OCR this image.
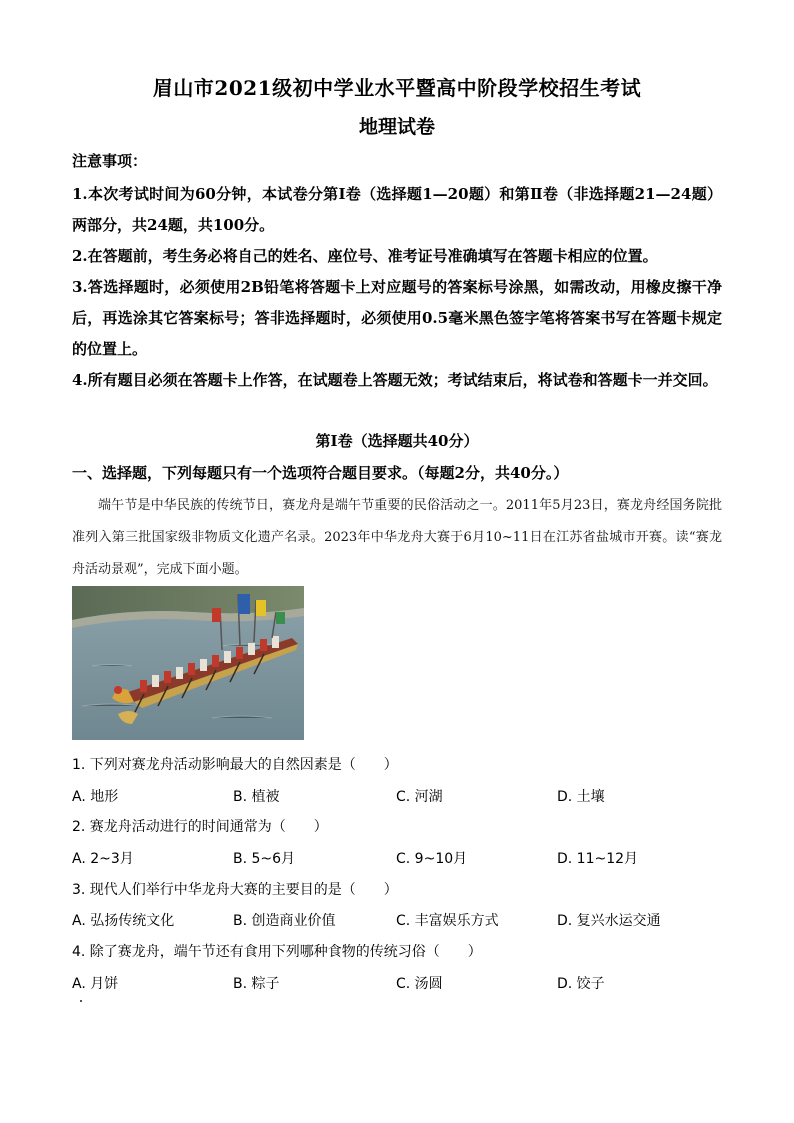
眉山市2021级初中学业水平暨高中阶段学校招生考试
地理试卷
注意事项：
1.本次考试时间为60分钟，本试卷分第Ⅰ卷（选择题1—20题）和第Ⅱ卷（非选择题21—24题）两部分，共24题，共100分。
2.在答题前，考生务必将自己的姓名、座位号、准考证号准确填写在答题卡相应的位置。
3.答选择题时，必须使用2B铅笔将答题卡上对应题号的答案标号涂黑，如需改动，用橡皮擦干净后，再选涂其它答案标号；答非选择题时，必须使用0.5毫米黑色签字笔将答案书写在答题卡规定的位置上。
4.所有题目必须在答题卡上作答，在试题卷上答题无效；考试结束后，将试卷和答题卡一并交回。
第Ⅰ卷（选择题共40分）
一、选择题，下列每题只有一个选项符合题目要求。（每题2分，共40分。）
端午节是中华民族的传统节日，赛龙舟是端午节重要的民俗活动之一。2011年5月23日，赛龙舟经国务院批准列入第三批国家级非物质文化遗产名录。2023年中华龙舟大赛于6月10~11日在江苏省盐城市开赛。读“赛龙舟活动景观”，完成下面小题。
1. 下列对赛龙舟活动影响最大的自然因素是（　　）
A. 地形	B. 植被	C. 河湖	D. 土壤
2. 赛龙舟活动进行的时间通常为（　　）
A. 2~3月	B. 5~6月	C. 9~10月	D. 11~12月
3. 现代人们举行中华龙舟大赛的主要目的是（　　）
A. 弘扬传统文化	B. 创造商业价值	C. 丰富娱乐方式	D. 复兴水运交通
4. 除了赛龙舟，端午节还有食用下列哪种食物的传统习俗（　　）
A. 月饼	B. 粽子	C. 汤圆	D. 饺子
